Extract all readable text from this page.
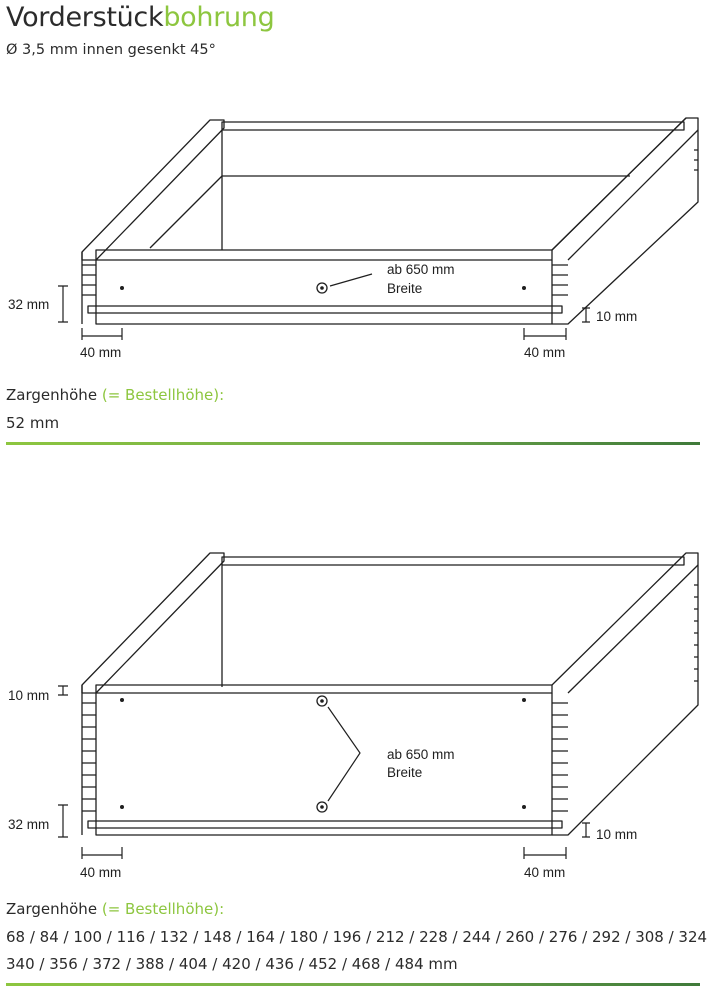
Vorderstückbohrung
Ø 3,5 mm innen gesenkt 45°
ab 650 mm
Breite
32 mm
40 mm	40 mm
10 mm
Zargenhöhe (= Bestellhöhe):
52 mm
ab 650 mm
Breite
10 mm
32 mm
40 mm	40 mm
10 mm
Zargenhöhe (= Bestellhöhe):
68 / 84 / 100 / 116 / 132 / 148 / 164 / 180 / 196 / 212 / 228 / 244 / 260 / 276 / 292 / 308 / 324
340 / 356 / 372 / 388 / 404 / 420 / 436 / 452 / 468 / 484 mm
